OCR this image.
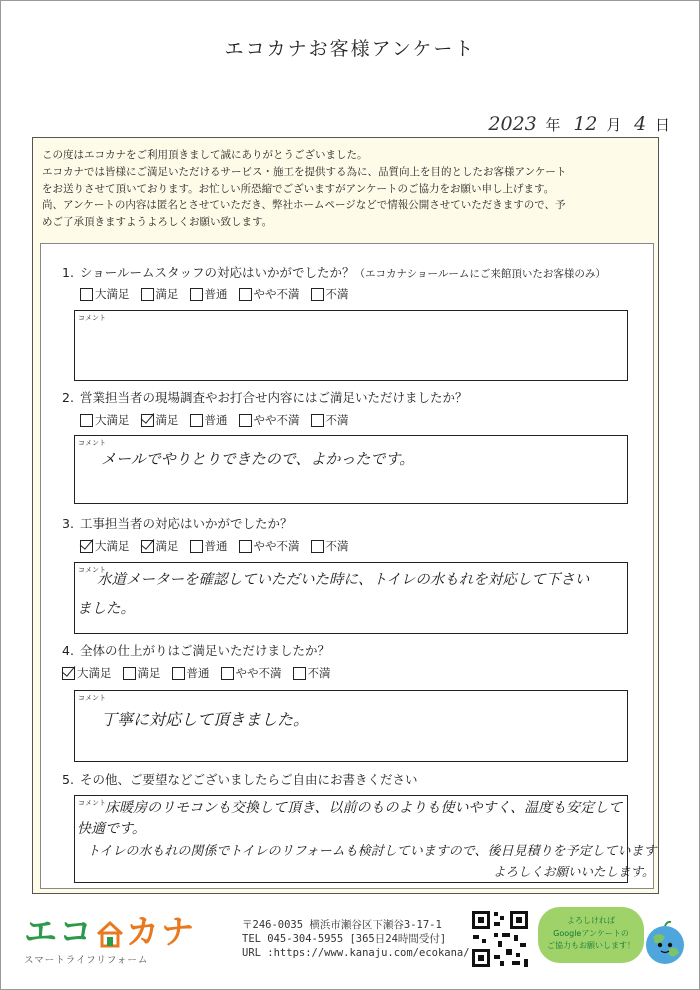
エコカナお客様アンケート
2023 年 12 月 4 日
この度はエコカナをご利用頂きまして誠にありがとうございました。
エコカナでは皆様にご満足いただけるサービス・施工を提供する為に、品質向上を目的としたお客様アンケート
をお送りさせて頂いております。お忙しい所恐縮でございますがアンケートのご協力をお願い申し上げます。
尚、アンケートの内容は匿名とさせていただき、弊社ホームページなどで情報公開させていただきますので、予
めご了承頂きますようよろしくお願い致します。
1. ショールームスタッフの対応はいかがでしたか？（エコカナショールームにご来館頂いたお客様のみ）
大満足 満足 普通 やや不満 不満
コメント
2. 営業担当者の現場調査やお打合せ内容にはご満足いただけましたか？
大満足 満足 普通 やや不満 不満
コメント
メールでやりとりできたので、よかったです。
3. 工事担当者の対応はいかがでしたか？
大満足 満足 普通 やや不満 不満
コメント
水道メーターを確認していただいた時に、トイレの水もれを対応して下さい
ました。
4. 全体の仕上がりはご満足いただけましたか？
大満足 満足 普通 やや不満 不満
コメント
丁寧に対応して頂きました。
5. その他、ご要望などございましたらご自由にお書きください
コメント 床暖房のリモコンも交換して頂き、以前のものよりも使いやすく、温度も安定して
快適です。
トイレの水もれの関係でトイレのリフォームも検討していますので、後日見積りを予定しています
よろしくお願いいたします。
エコ カナ
スマートライフリフォーム
〒246-0035 横浜市瀬谷区下瀬谷3-17-1
TEL 045-304-5955 [365日24時間受付]
URL :https://www.kanaju.com/ecokana/
よろしければ
Googleアンケートの
ご協力もお願いします！
